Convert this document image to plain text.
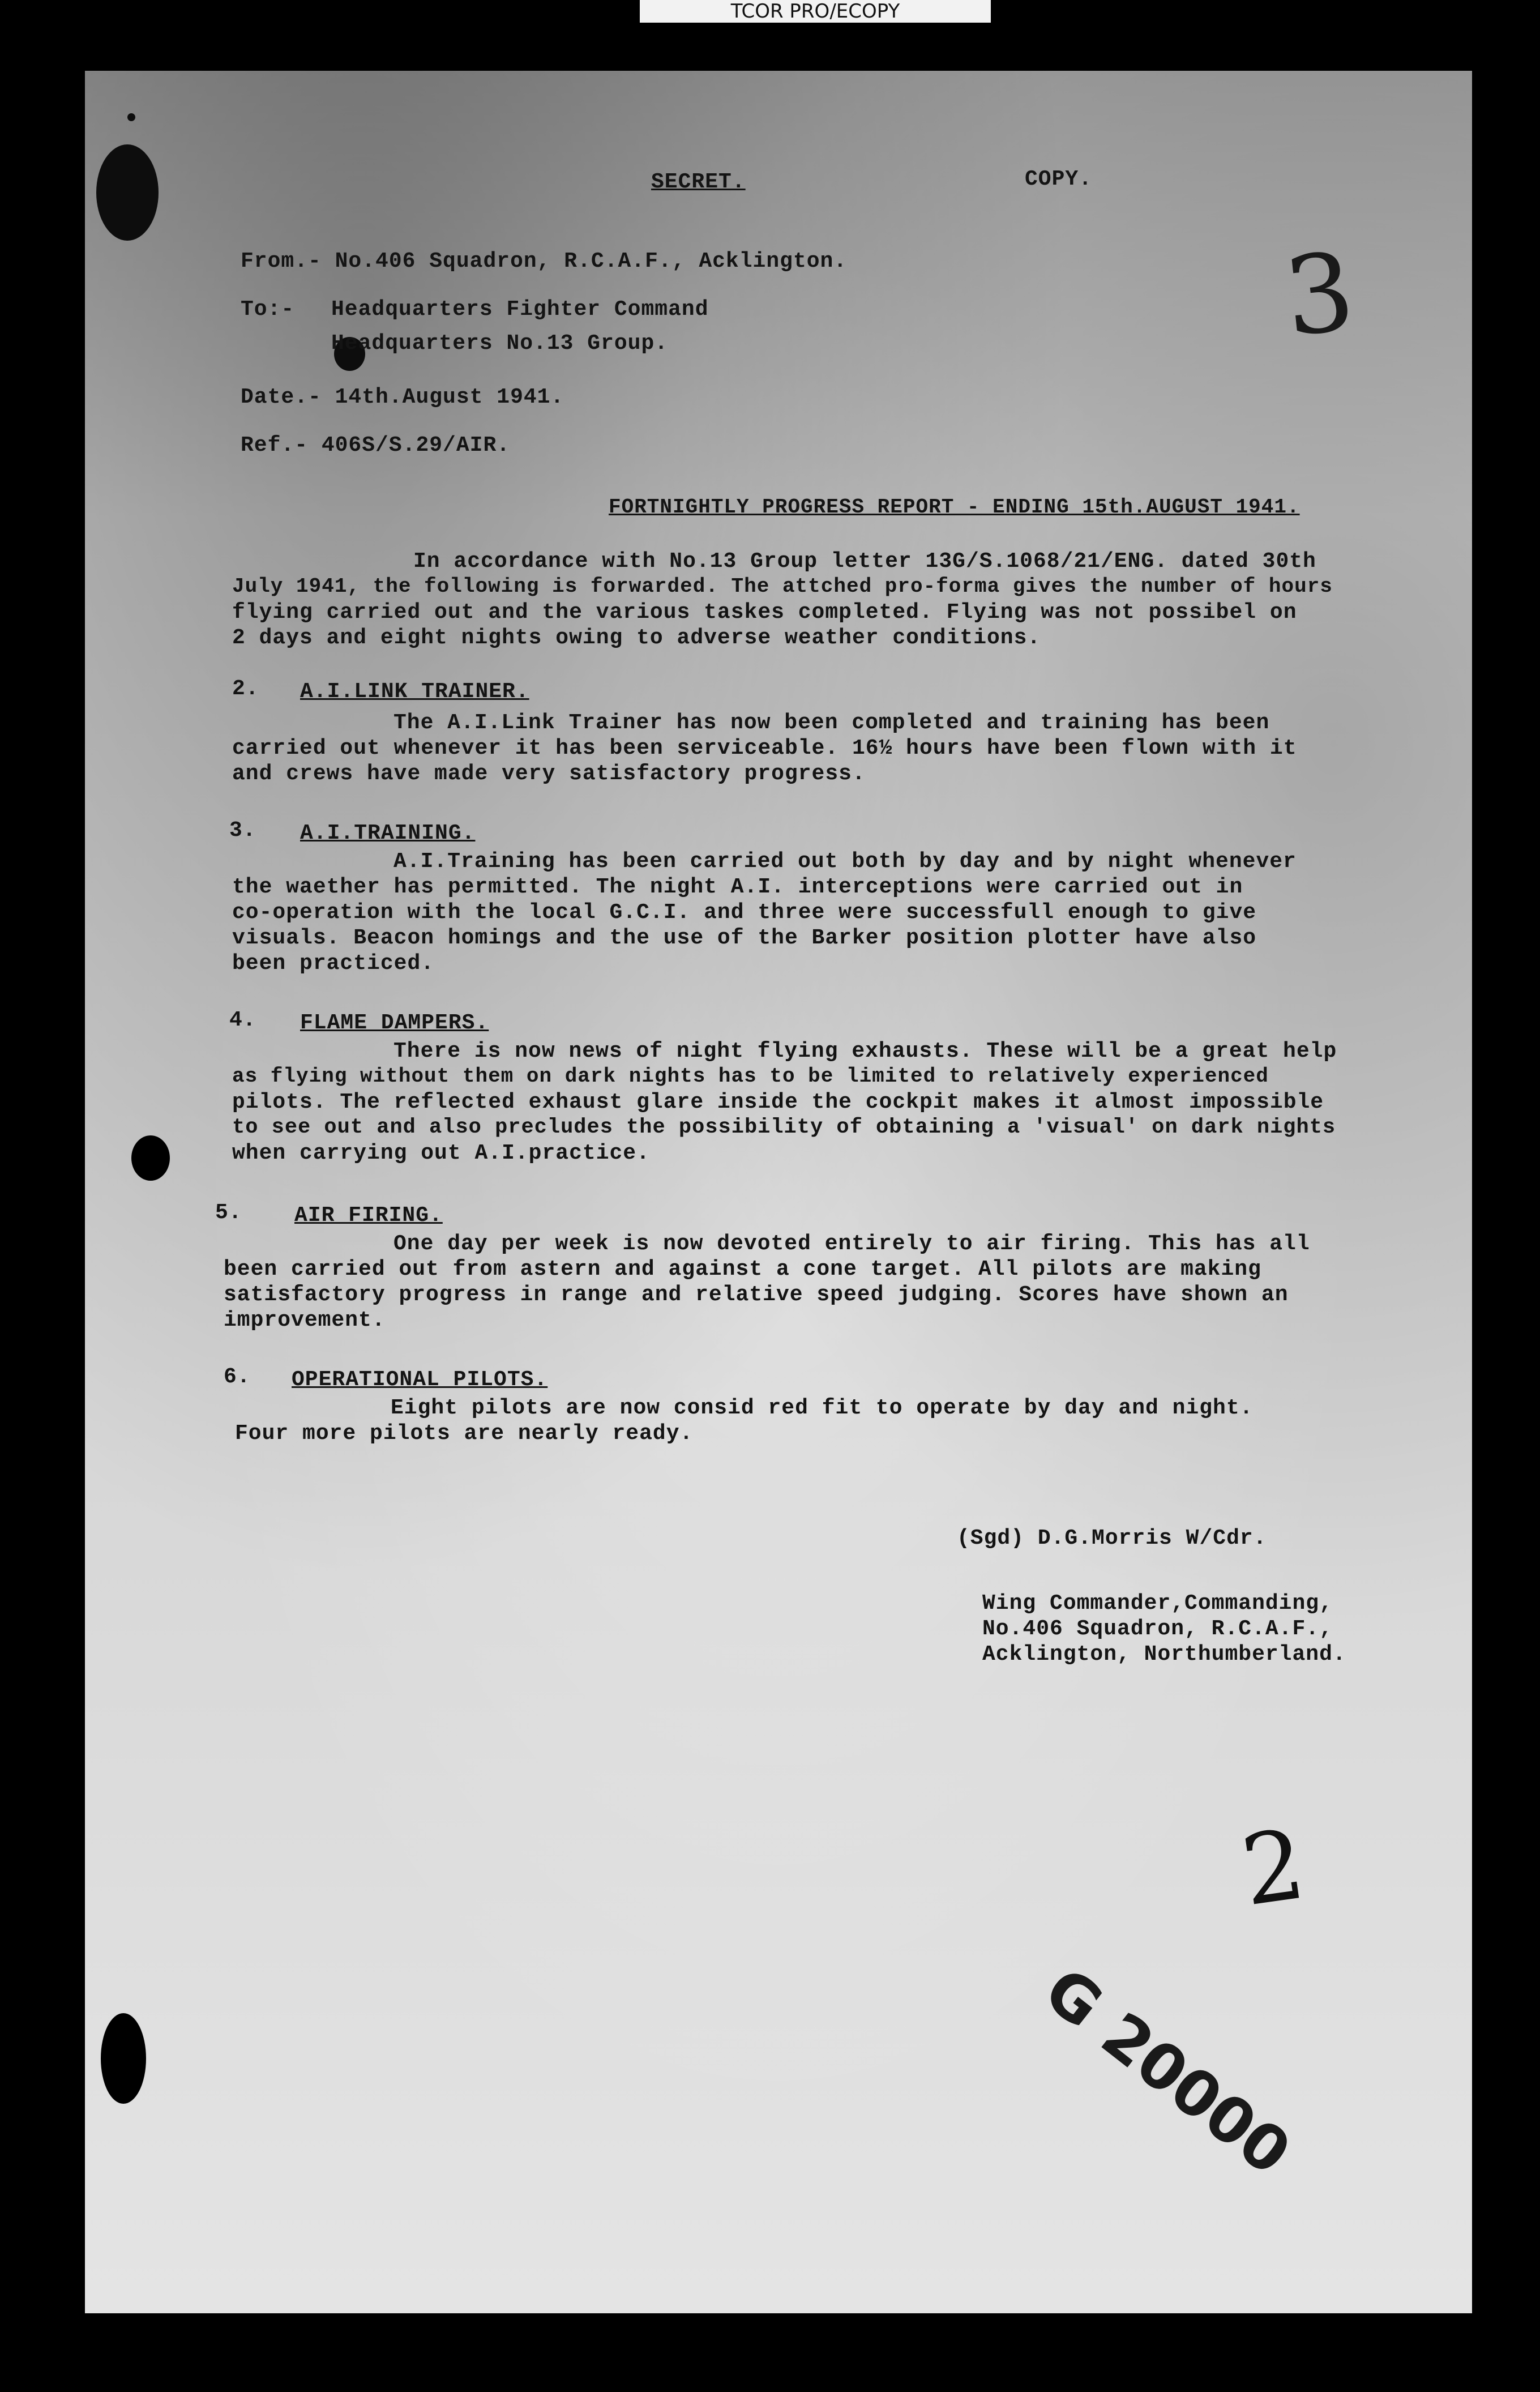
TCOR PRO/ECOPY
3
SECRET.	COPY.
From.- No.406 Squadron, R.C.A.F., Acklington.
To:- Headquarters Fighter Command
Headquarters No.13 Group.
Date.- 14th.August 1941.
Ref.- 406S/S.29/AIR.
FORTNIGHTLY PROGRESS REPORT - ENDING 15th.AUGUST 1941.
In accordance with No.13 Group letter 13G/S.1068/21/ENG. dated 30th
July 1941, the following is forwarded. The attched pro-forma gives the number of hours
flying carried out and the various taskes completed. Flying was not possibel on
2 days and eight nights owing to adverse weather conditions.
2. A.I.LINK TRAINER.
The A.I.Link Trainer has now been completed and training has been
carried out whenever it has been serviceable. 16½ hours have been flown with it
and crews have made very satisfactory progress.
3. A.I.TRAINING.
A.I.Training has been carried out both by day and by night whenever
the waether has permitted. The night A.I. interceptions were carried out in
co-operation with the local G.C.I. and three were successfull enough to give
visuals. Beacon homings and the use of the Barker position plotter have also
been practiced.
4. FLAME DAMPERS.
There is now news of night flying exhausts. These will be a great help
as flying without them on dark nights has to be limited to relatively experienced
pilots. The reflected exhaust glare inside the cockpit makes it almost impossible
to see out and also precludes the possibility of obtaining a 'visual' on dark nights
when carrying out A.I.practice.
5. AIR FIRING.
One day per week is now devoted entirely to air firing. This has all
been carried out from astern and against a cone target. All pilots are making
satisfactory progress in range and relative speed judging. Scores have shown an
improvement.
6. OPERATIONAL PILOTS.
Eight pilots are now consid red fit to operate by day and night.
Four more pilots are nearly ready.
(Sgd) D.G.Morris W/Cdr.
Wing Commander,Commanding,
No.406 Squadron, R.C.A.F.,
Acklington, Northumberland.
2
G 20000
